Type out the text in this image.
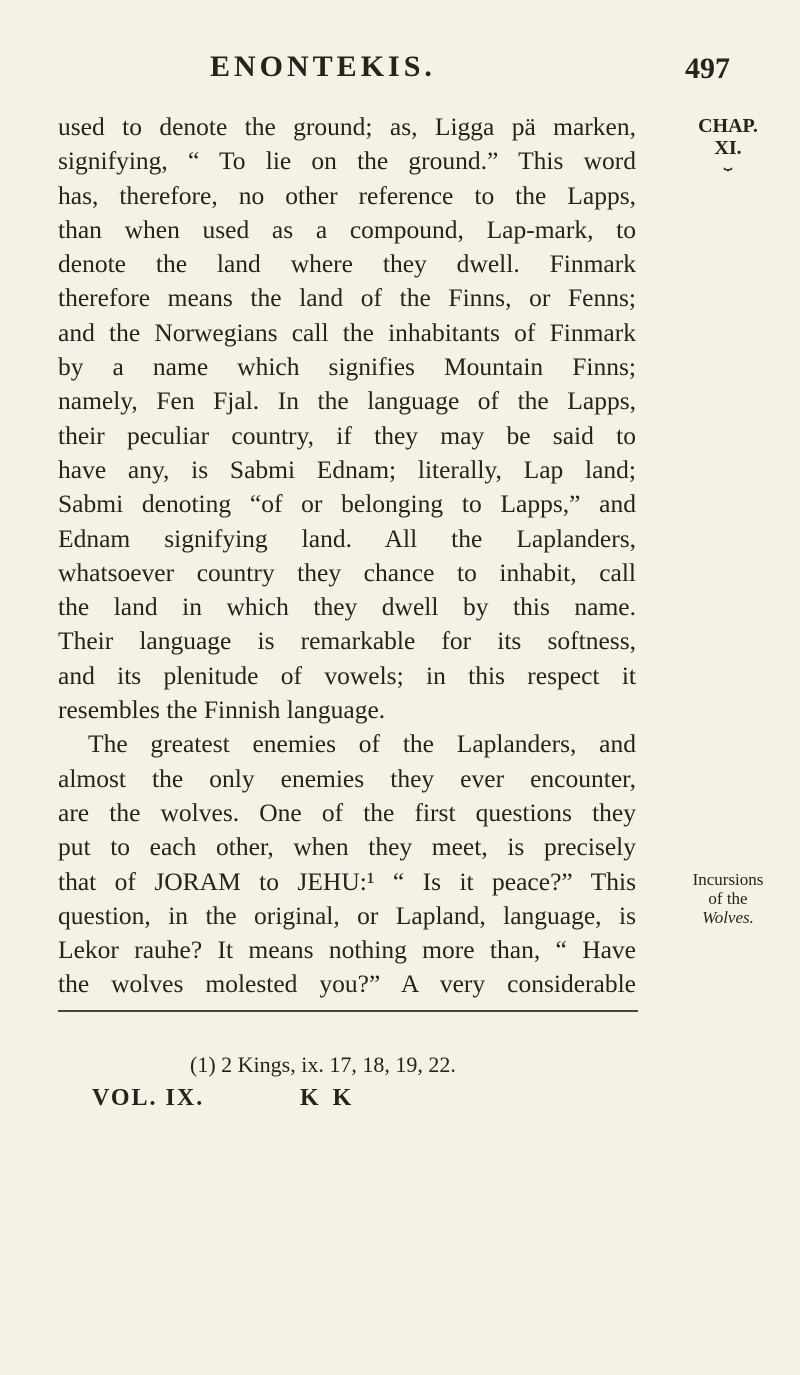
ENONTEKIS.	497
CHAP.
XI.
⏟
used to denote the ground; as, Ligga pä marken,
signifying, “ To lie on the ground.” This word
has, therefore, no other reference to the Lapps,
than when used as a compound, Lap-mark, to
denote the land where they dwell. Finmark
therefore means the land of the Finns, or Fenns;
and the Norwegians call the inhabitants of Finmark
by a name which signifies Mountain Finns;
namely, Fen Fjal. In the language of the Lapps,
their peculiar country, if they may be said to
have any, is Sabmi Ednam; literally, Lap land;
Sabmi denoting “of or belonging to Lapps,” and
Ednam signifying land. All the Laplanders,
whatsoever country they chance to inhabit, call
the land in which they dwell by this name.
Their language is remarkable for its softness,
and its plenitude of vowels; in this respect it
resembles the Finnish language.
The greatest enemies of the Laplanders, and
almost the only enemies they ever encounter,
are the wolves. One of the first questions they
put to each other, when they meet, is precisely
that of JORAM to JEHU:¹ “ Is it peace?” This
question, in the original, or Lapland, language, is
Lekor rauhe? It means nothing more than, “ Have
the wolves molested you?” A very considerable
Incursions
of the
Wolves.
(1) 2 Kings, ix. 17, 18, 19, 22.
VOL. IX.	K K
